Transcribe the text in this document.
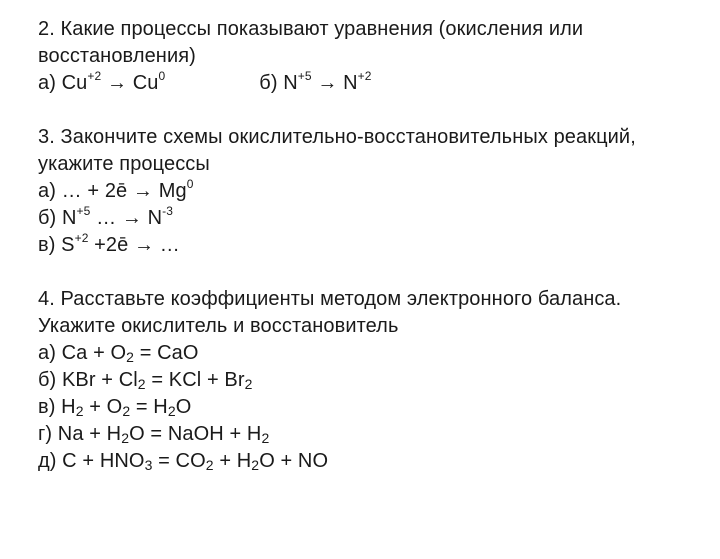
2. Какие процессы показывают уравнения (окисления или
восстановления)
а) $Cu^{+2} \to Cu^0$	б) $N^{+5} \to N^{+2}$
3. Закончите схемы окислительно-восстановительных реакций,
укажите процессы
а) … + 2ē → $Mg^0$
б) $N^{+5}$ … → $N^{-3}$
в) $S^{+2}$ +2ē → …
4. Расставьте коэффициенты методом электронного баланса.
Укажите окислитель и восстановитель
а) $Ca + O_2$ = CaO
б) KBr + $Cl_2$ = KCl + $Br_2$
в) $H_2 + O_2 = H_2O$
г) $Na + H_2O$ = NaOH + $H_2$
д) $C + HNO_3 = CO_2 + H_2O$ + NO
